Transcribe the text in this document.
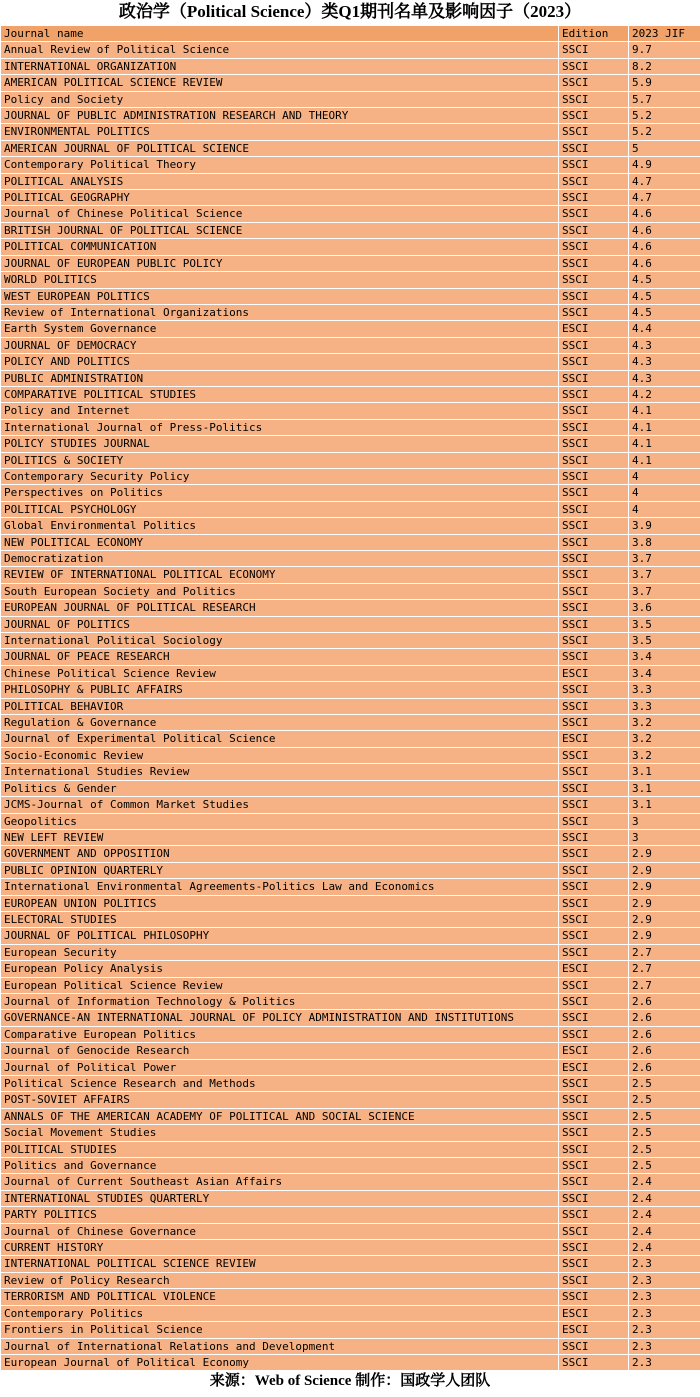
政治学（Political Science）类Q1期刊名单及影响因子（2023）
Journal name	Edition	2023 JIF
Annual Review of Political Science	SSCI	9.7
INTERNATIONAL ORGANIZATION	SSCI	8.2
AMERICAN POLITICAL SCIENCE REVIEW	SSCI	5.9
Policy and Society	SSCI	5.7
JOURNAL OF PUBLIC ADMINISTRATION RESEARCH AND THEORY	SSCI	5.2
ENVIRONMENTAL POLITICS	SSCI	5.2
AMERICAN JOURNAL OF POLITICAL SCIENCE	SSCI	5
Contemporary Political Theory	SSCI	4.9
POLITICAL ANALYSIS	SSCI	4.7
POLITICAL GEOGRAPHY	SSCI	4.7
Journal of Chinese Political Science	SSCI	4.6
BRITISH JOURNAL OF POLITICAL SCIENCE	SSCI	4.6
POLITICAL COMMUNICATION	SSCI	4.6
JOURNAL OF EUROPEAN PUBLIC POLICY	SSCI	4.6
WORLD POLITICS	SSCI	4.5
WEST EUROPEAN POLITICS	SSCI	4.5
Review of International Organizations	SSCI	4.5
Earth System Governance	ESCI	4.4
JOURNAL OF DEMOCRACY	SSCI	4.3
POLICY AND POLITICS	SSCI	4.3
PUBLIC ADMINISTRATION	SSCI	4.3
COMPARATIVE POLITICAL STUDIES	SSCI	4.2
Policy and Internet	SSCI	4.1
International Journal of Press-Politics	SSCI	4.1
POLICY STUDIES JOURNAL	SSCI	4.1
POLITICS & SOCIETY	SSCI	4.1
Contemporary Security Policy	SSCI	4
Perspectives on Politics	SSCI	4
POLITICAL PSYCHOLOGY	SSCI	4
Global Environmental Politics	SSCI	3.9
NEW POLITICAL ECONOMY	SSCI	3.8
Democratization	SSCI	3.7
REVIEW OF INTERNATIONAL POLITICAL ECONOMY	SSCI	3.7
South European Society and Politics	SSCI	3.7
EUROPEAN JOURNAL OF POLITICAL RESEARCH	SSCI	3.6
JOURNAL OF POLITICS	SSCI	3.5
International Political Sociology	SSCI	3.5
JOURNAL OF PEACE RESEARCH	SSCI	3.4
Chinese Political Science Review	ESCI	3.4
PHILOSOPHY & PUBLIC AFFAIRS	SSCI	3.3
POLITICAL BEHAVIOR	SSCI	3.3
Regulation & Governance	SSCI	3.2
Journal of Experimental Political Science	ESCI	3.2
Socio-Economic Review	SSCI	3.2
International Studies Review	SSCI	3.1
Politics & Gender	SSCI	3.1
JCMS-Journal of Common Market Studies	SSCI	3.1
Geopolitics	SSCI	3
NEW LEFT REVIEW	SSCI	3
GOVERNMENT AND OPPOSITION	SSCI	2.9
PUBLIC OPINION QUARTERLY	SSCI	2.9
International Environmental Agreements-Politics Law and Economics	SSCI	2.9
EUROPEAN UNION POLITICS	SSCI	2.9
ELECTORAL STUDIES	SSCI	2.9
JOURNAL OF POLITICAL PHILOSOPHY	SSCI	2.9
European Security	SSCI	2.7
European Policy Analysis	ESCI	2.7
European Political Science Review	SSCI	2.7
Journal of Information Technology & Politics	SSCI	2.6
GOVERNANCE-AN INTERNATIONAL JOURNAL OF POLICY ADMINISTRATION AND INSTITUTIONS	SSCI	2.6
Comparative European Politics	SSCI	2.6
Journal of Genocide Research	ESCI	2.6
Journal of Political Power	ESCI	2.6
Political Science Research and Methods	SSCI	2.5
POST-SOVIET AFFAIRS	SSCI	2.5
ANNALS OF THE AMERICAN ACADEMY OF POLITICAL AND SOCIAL SCIENCE	SSCI	2.5
Social Movement Studies	SSCI	2.5
POLITICAL STUDIES	SSCI	2.5
Politics and Governance	SSCI	2.5
Journal of Current Southeast Asian Affairs	SSCI	2.4
INTERNATIONAL STUDIES QUARTERLY	SSCI	2.4
PARTY POLITICS	SSCI	2.4
Journal of Chinese Governance	SSCI	2.4
CURRENT HISTORY	SSCI	2.4
INTERNATIONAL POLITICAL SCIENCE REVIEW	SSCI	2.3
Review of Policy Research	SSCI	2.3
TERRORISM AND POLITICAL VIOLENCE	SSCI	2.3
Contemporary Politics	ESCI	2.3
Frontiers in Political Science	ESCI	2.3
Journal of International Relations and Development	SSCI	2.3
European Journal of Political Economy	SSCI	2.3
来源：Web of Science 制作：国政学人团队
